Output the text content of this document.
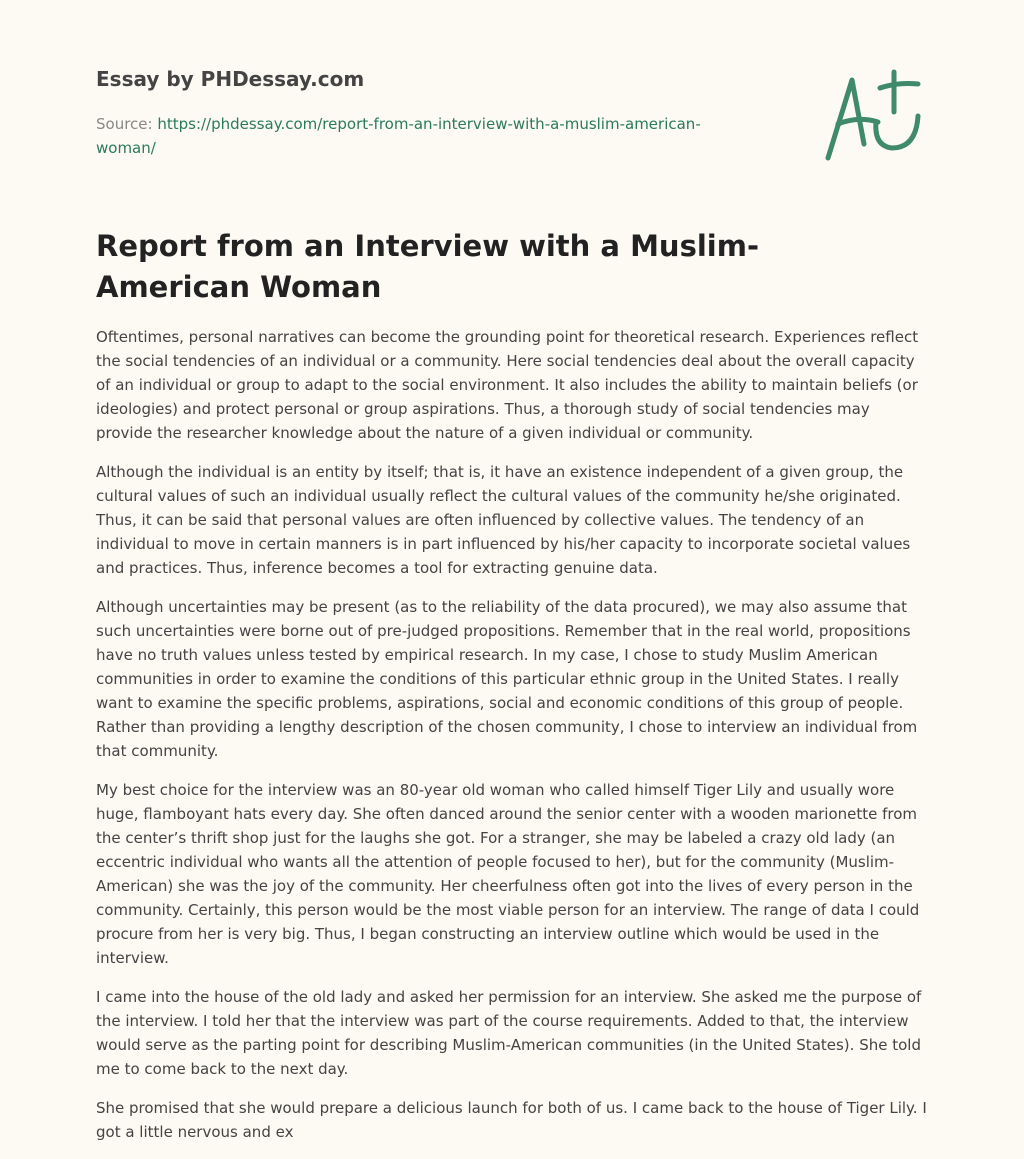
Essay by PHDessay.com
Source: https://phdessay.com/report-from-an-interview-with-a-muslim-american-woman/
Report from an Interview with a Muslim-American Woman

Oftentimes, personal narratives can become the grounding point for theoretical research. Experiences reflect the social tendencies of an individual or a community. Here social tendencies deal about the overall capacity of an individual or group to adapt to the social environment. It also includes the ability to maintain beliefs (or ideologies) and protect personal or group aspirations. Thus, a thorough study of social tendencies may provide the researcher knowledge about the nature of a given individual or community.

Although the individual is an entity by itself; that is, it have an existence independent of a given group, the cultural values of such an individual usually reflect the cultural values of the community he/she originated. Thus, it can be said that personal values are often influenced by collective values. The tendency of an individual to move in certain manners is in part influenced by his/her capacity to incorporate societal values and practices. Thus, inference becomes a tool for extracting genuine data.

Although uncertainties may be present (as to the reliability of the data procured), we may also assume that such uncertainties were borne out of pre-judged propositions. Remember that in the real world, propositions have no truth values unless tested by empirical research. In my case, I chose to study Muslim American communities in order to examine the conditions of this particular ethnic group in the United States. I really want to examine the specific problems, aspirations, social and economic conditions of this group of people. Rather than providing a lengthy description of the chosen community, I chose to interview an individual from that community.

My best choice for the interview was an 80-year old woman who called himself Tiger Lily and usually wore huge, flamboyant hats every day. She often danced around the senior center with a wooden marionette from the center’s thrift shop just for the laughs she got. For a stranger, she may be labeled a crazy old lady (an eccentric individual who wants all the attention of people focused to her), but for the community (Muslim-American) she was the joy of the community. Her cheerfulness often got into the lives of every person in the community. Certainly, this person would be the most viable person for an interview. The range of data I could procure from her is very big. Thus, I began constructing an interview outline which would be used in the interview.

I came into the house of the old lady and asked her permission for an interview. She asked me the purpose of the interview. I told her that the interview was part of the course requirements. Added to that, the interview would serve as the parting point for describing Muslim-American communities (in the United States). She told me to come back to the next day.

She promised that she would prepare a delicious launch for both of us. I came back to the house of Tiger Lily. I got a little nervous and ex
